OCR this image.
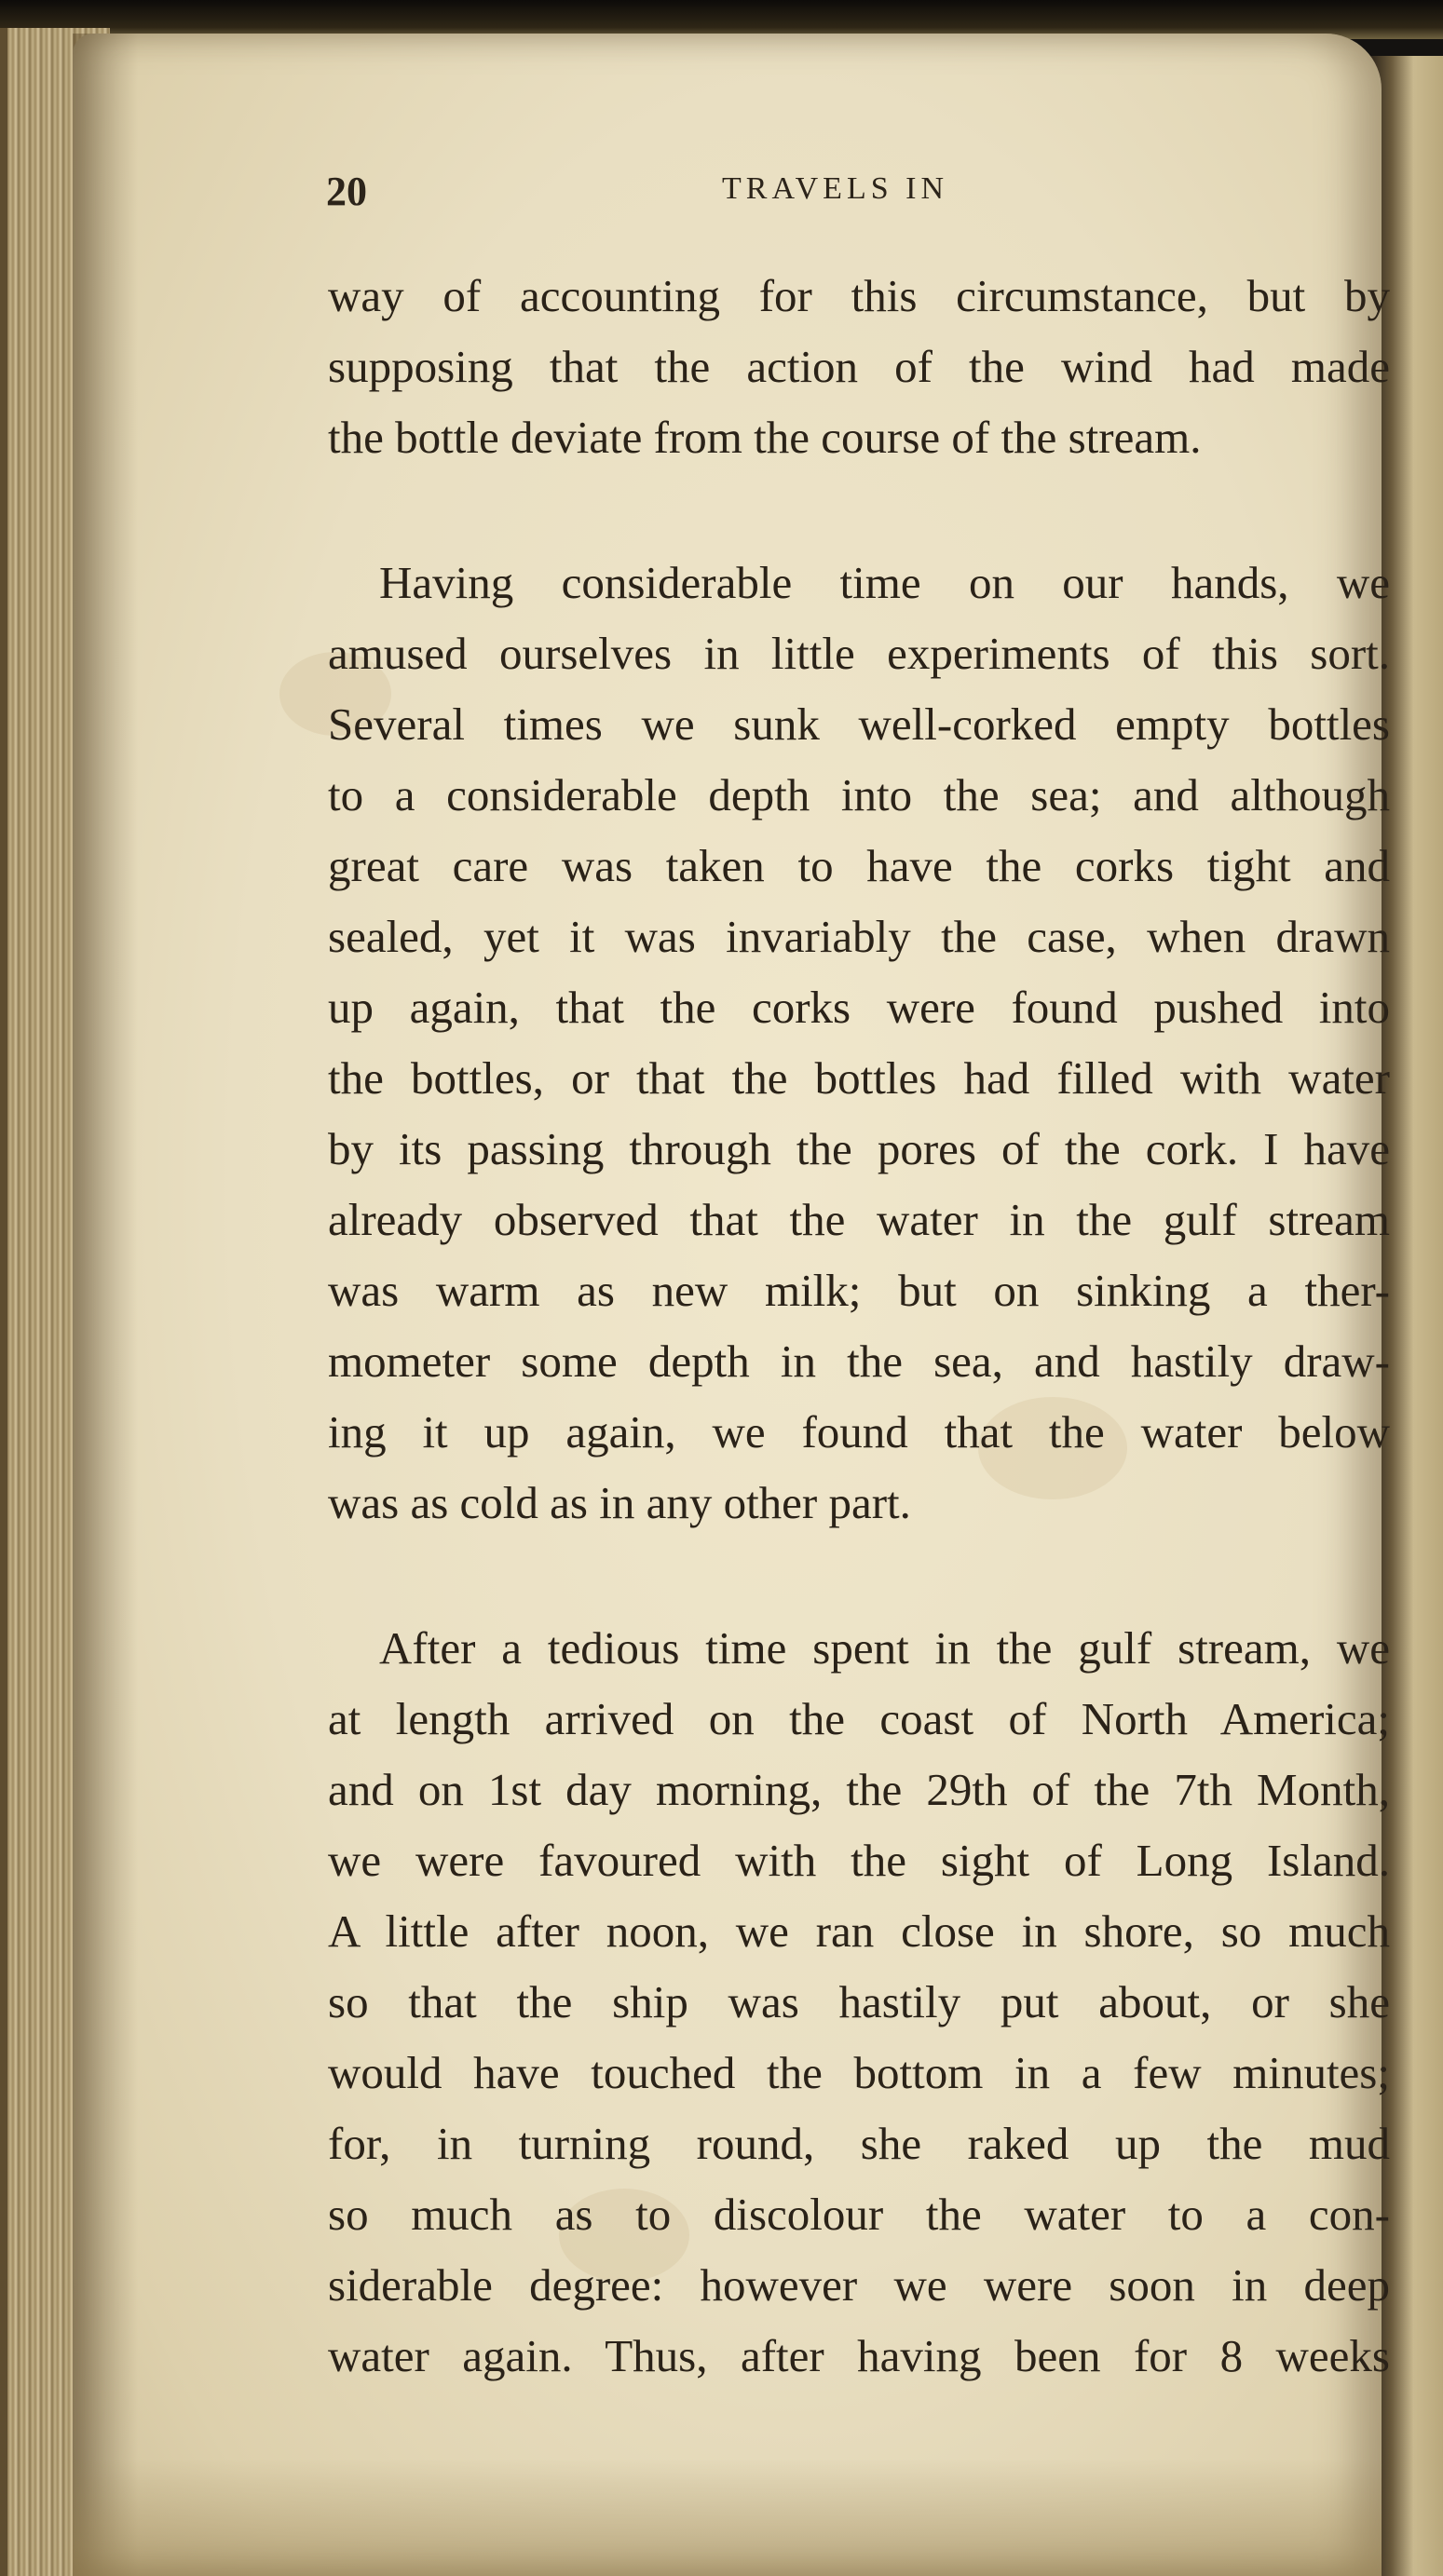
20	TRAVELS IN
way of accounting for this circumstance, but by
supposing that the action of the wind had made
the bottle deviate from the course of the stream.
Having considerable time on our hands, we
amused ourselves in little experiments of this sort.
Several times we sunk well-corked empty bottles
to a considerable depth into the sea; and although
great care was taken to have the corks tight and
sealed, yet it was invariably the case, when drawn
up again, that the corks were found pushed into
the bottles, or that the bottles had filled with water
by its passing through the pores of the cork. I have
already observed that the water in the gulf stream
was warm as new milk; but on sinking a ther-
mometer some depth in the sea, and hastily draw-
ing it up again, we found that the water below
was as cold as in any other part.
After a tedious time spent in the gulf stream, we
at length arrived on the coast of North America;
and on 1st day morning, the 29th of the 7th Month,
we were favoured with the sight of Long Island.
A little after noon, we ran close in shore, so much
so that the ship was hastily put about, or she
would have touched the bottom in a few minutes;
for, in turning round, she raked up the mud
so much as to discolour the water to a con-
siderable degree: however we were soon in deep
water again. Thus, after having been for 8 weeks
